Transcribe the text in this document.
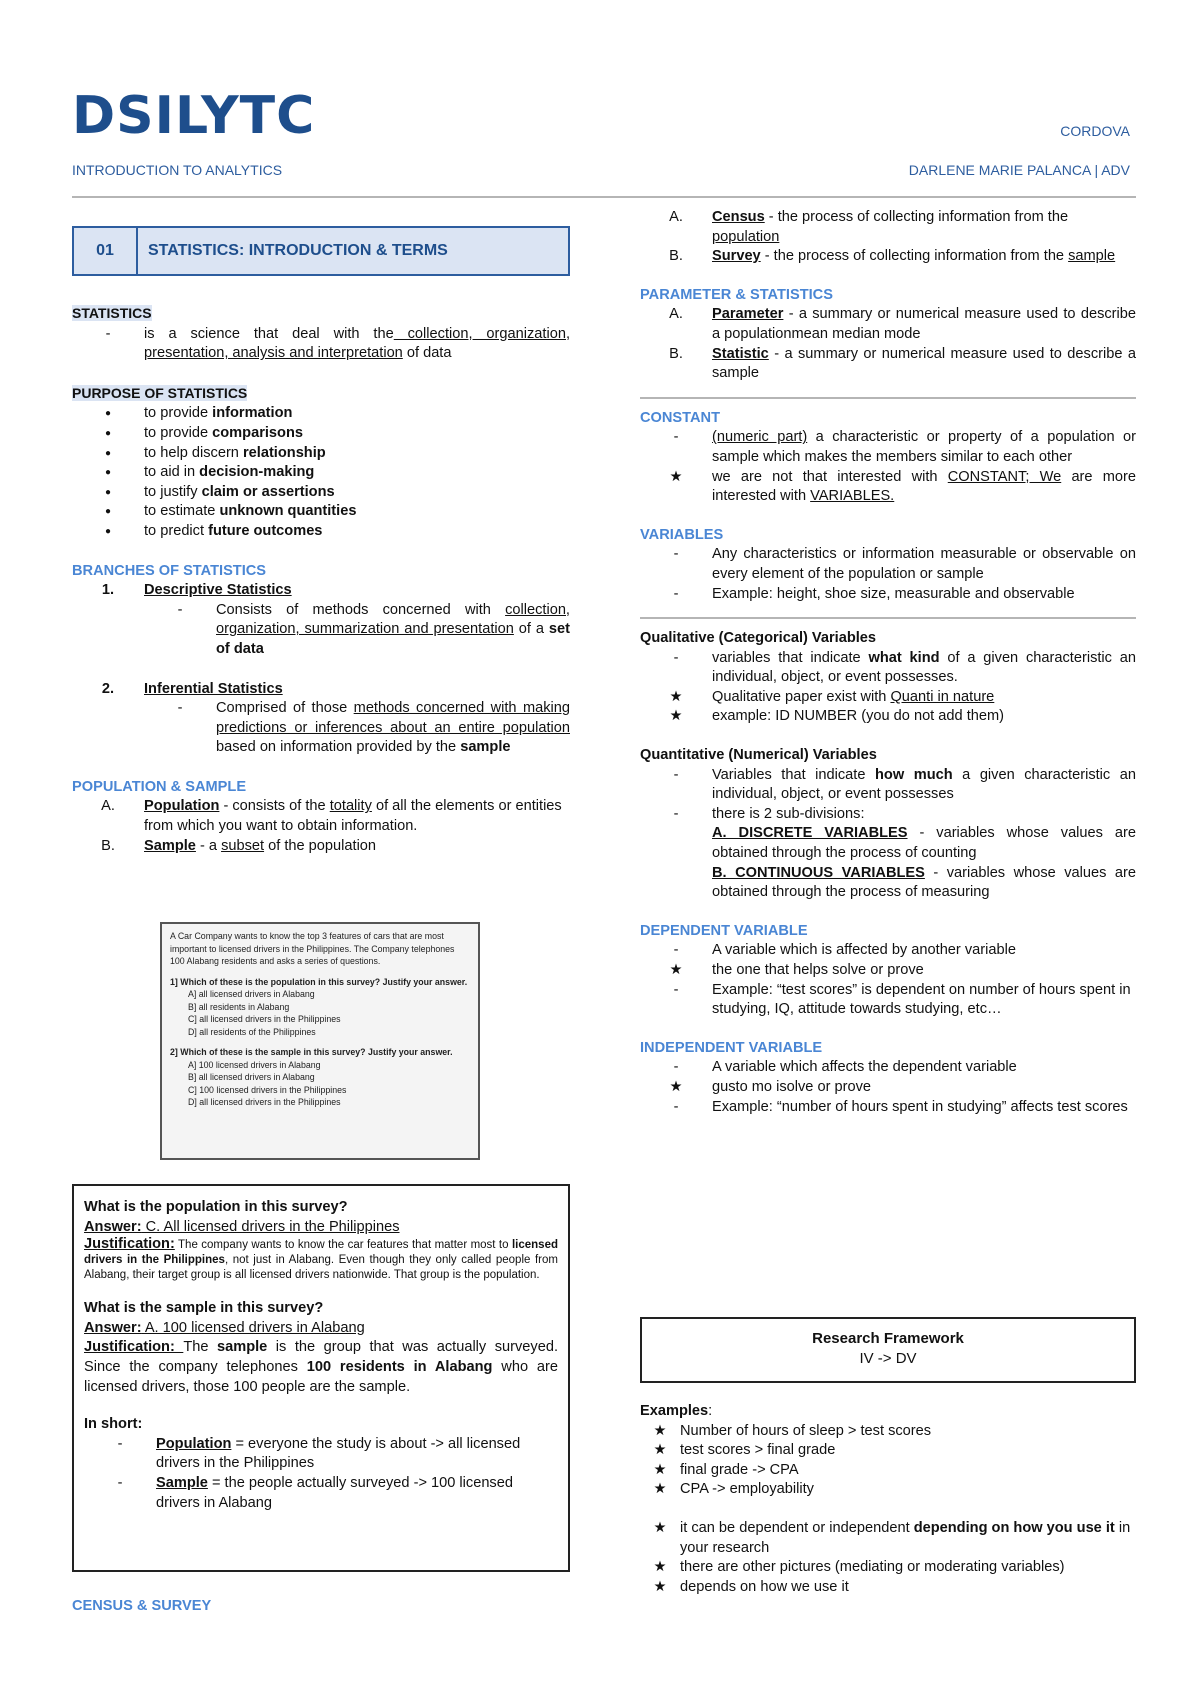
DSILYTC
INTRODUCTION TO ANALYTICS
CORDOVA
DARLENE MARIE PALANCA | ADV
01	STATISTICS: INTRODUCTION & TERMS
STATISTICS
-	is a science that deal with the collection, organization, presentation, analysis and interpretation of data
PURPOSE OF STATISTICS
●	to provide information
●	to provide comparisons
●	to help discern relationship
●	to aid in decision-making
●	to justify claim or assertions
●	to estimate unknown quantities
●	to predict future outcomes
BRANCHES OF STATISTICS
1.	Descriptive Statistics
-	Consists of methods concerned with collection, organization, summarization and presentation of a set of data
2.	Inferential Statistics
-	Comprised of those methods concerned with making predictions or inferences about an entire population based on information provided by the sample
POPULATION & SAMPLE
A.	Population - consists of the totality of all the elements or entities from which you want to obtain information.
B.	Sample - a subset of the population
A Car Company wants to know the top 3 features of cars that are most important to licensed drivers in the Philippines. The Company telephones 100 Alabang residents and asks a series of questions.
1] Which of these is the population in this survey? Justify your answer.
A] all licensed drivers in Alabang
B] all residents in Alabang
C] all licensed drivers in the Philippines
D] all residents of the Philippines
2] Which of these is the sample in this survey? Justify your answer.
A] 100 licensed drivers in Alabang
B] all licensed drivers in Alabang
C] 100 licensed drivers in the Philippines
D] all licensed drivers in the Philippines
What is the population in this survey?
Answer: C. All licensed drivers in the Philippines
Justification: The company wants to know the car features that matter most to licensed drivers in the Philippines, not just in Alabang. Even though they only called people from Alabang, their target group is all licensed drivers nationwide. That group is the population.
What is the sample in this survey?
Answer: A. 100 licensed drivers in Alabang
Justification: The sample is the group that was actually surveyed. Since the company telephones 100 residents in Alabang who are licensed drivers, those 100 people are the sample.
In short:
-	Population = everyone the study is about -> all licensed drivers in the Philippines
-	Sample = the people actually surveyed -> 100 licensed drivers in Alabang
CENSUS & SURVEY
A.	Census - the process of collecting information from the population
B.	Survey - the process of collecting information from the sample
PARAMETER & STATISTICS
A.	Parameter - a summary or numerical measure used to describe a populationmean median mode
B.	Statistic - a summary or numerical measure used to describe a sample
CONSTANT
-	(numeric part) a characteristic or property of a population or sample which makes the members similar to each other
★	we are not that interested with CONSTANT; We are more interested with VARIABLES.
VARIABLES
-	Any characteristics or information measurable or observable on every element of the population or sample
-	Example: height, shoe size, measurable and observable
Qualitative (Categorical) Variables
-	variables that indicate what kind of a given characteristic an individual, object, or event possesses.
★	Qualitative paper exist with Quanti in nature
★	example: ID NUMBER (you do not add them)
Quantitative (Numerical) Variables
-	Variables that indicate how much a given characteristic an individual, object, or event possesses
-	there is 2 sub-divisions:
A. DISCRETE VARIABLES - variables whose values are obtained through the process of counting
B. CONTINUOUS VARIABLES - variables whose values are obtained through the process of measuring
DEPENDENT VARIABLE
-	A variable which is affected by another variable
★	the one that helps solve or prove
-	Example: “test scores” is dependent on number of hours spent in studying, IQ, attitude towards studying, etc…
INDEPENDENT VARIABLE
-	A variable which affects the dependent variable
★	gusto mo isolve or prove
-	Example: “number of hours spent in studying” affects test scores
Research Framework
IV -> DV
Examples:
★ Number of hours of sleep > test scores
★ test scores > final grade
★ final grade -> CPA
★ CPA -> employability
★ it can be dependent or independent depending on how you use it in your research
★ there are other pictures (mediating or moderating variables)
★ depends on how we use it
